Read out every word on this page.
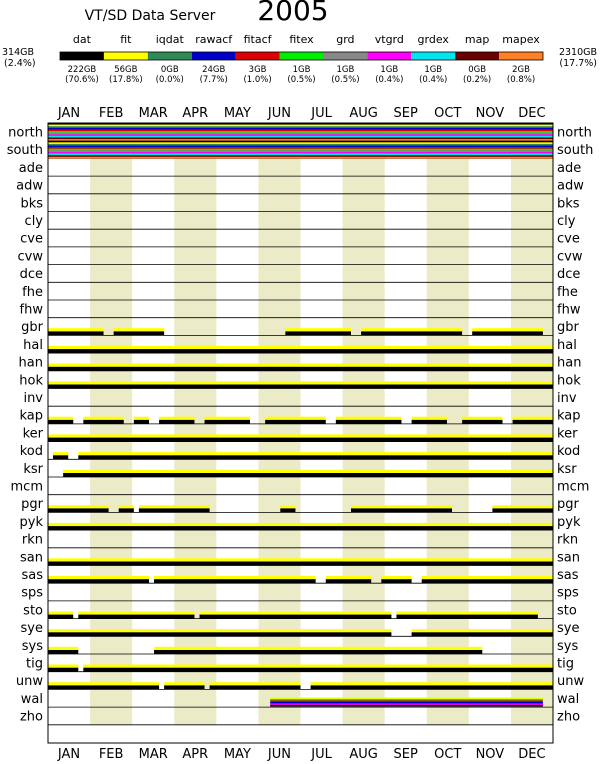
VT/SD Data Server 2005
314GB
(2.4%)
2310GB
(17.7%)
dat
222GB
(70.6%)
fit
56GB
(17.8%)
iqdat
0GB
(0.0%)
rawacf
24GB
(7.7%)
fitacf
3GB
(1.0%)
fitex
1GB
(0.5%)
grd
1GB
(0.5%)
vtgrd
1GB
(0.4%)
grdex
1GB
(0.4%)
map
0GB
(0.2%)
mapex
2GB
(0.8%)
JAN
JAN
FEB
FEB
MAR
MAR
APR
APR
MAY
MAY
JUN
JUN
JUL
JUL
AUG
AUG
SEP
SEP
OCT
OCT
NOV
NOV
DEC
DEC
north	north
south	south
ade	ade
adw	adw
bks	bks
cly	cly
cve	cve
cvw	cvw
dce	dce
fhe	fhe
fhw	fhw
gbr	gbr
hal	hal
han	han
hok	hok
inv	inv
kap	kap
ker	ker
kod	kod
ksr	ksr
mcm	mcm
pgr	pgr
pyk	pyk
rkn	rkn
san	san
sas	sas
sps	sps
sto	sto
sye	sye
sys	sys
tig	tig
unw	unw
wal	wal
zho	zho
